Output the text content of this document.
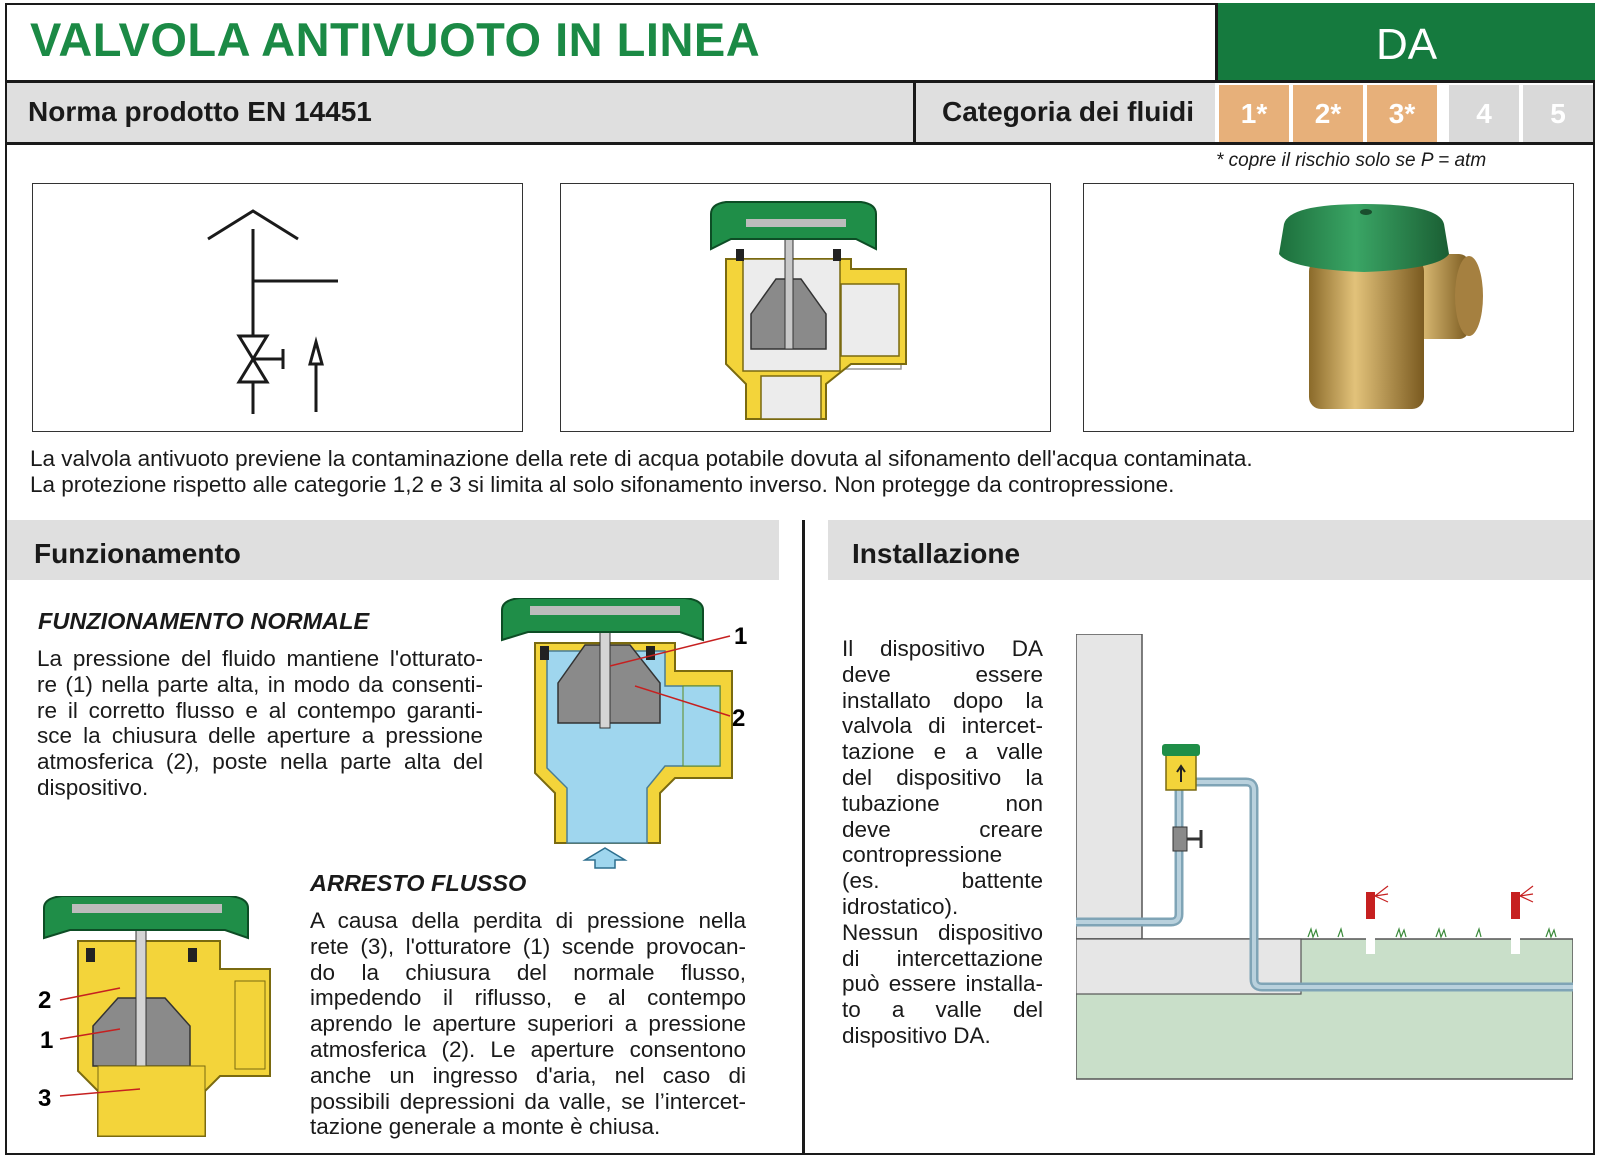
VALVOLA ANTIVUOTO IN LINEA	DA
Norma prodotto EN 14451	Categoria dei fluidi	1*	2*	3*	4	5
* copre il rischio solo se P = atm
La valvola antivuoto previene la contaminazione della rete di acqua potabile dovuta al sifonamento dell'acqua contaminata.
La protezione rispetto alle categorie 1,2 e 3 si limita al solo sifonamento inverso. Non protegge da contropressione.
Funzionamento	Installazione
FUNZIONAMENTO NORMALE
La pressione del fluido mantiene l'otturato-
re (1) nella parte alta, in modo da consenti-
re il corretto flusso e al contempo garanti-
sce la chiusura delle aperture a pressione
atmosferica (2), poste nella parte alta del
dispositivo.
1
2
ARRESTO FLUSSO
A causa della perdita di pressione nella
rete (3), l'otturatore (1) scende provocan-
do la chiusura del normale flusso,
impedendo il riflusso, e al contempo
aprendo le aperture superiori a pressione
atmosferica (2). Le aperture consentono
anche un ingresso d'aria, nel caso di
possibili depressioni da valle, se l’intercet-
tazione generale a monte è chiusa.
2
1
3
Il dispositivo DA
deve essere
installato dopo la
valvola di intercet-
tazione e a valle
del dispositivo la
tubazione non
deve creare
contropressione
(es. battente
idrostatico).
Nessun dispositivo
di intercettazione
può essere installa-
to a valle del
dispositivo DA.
